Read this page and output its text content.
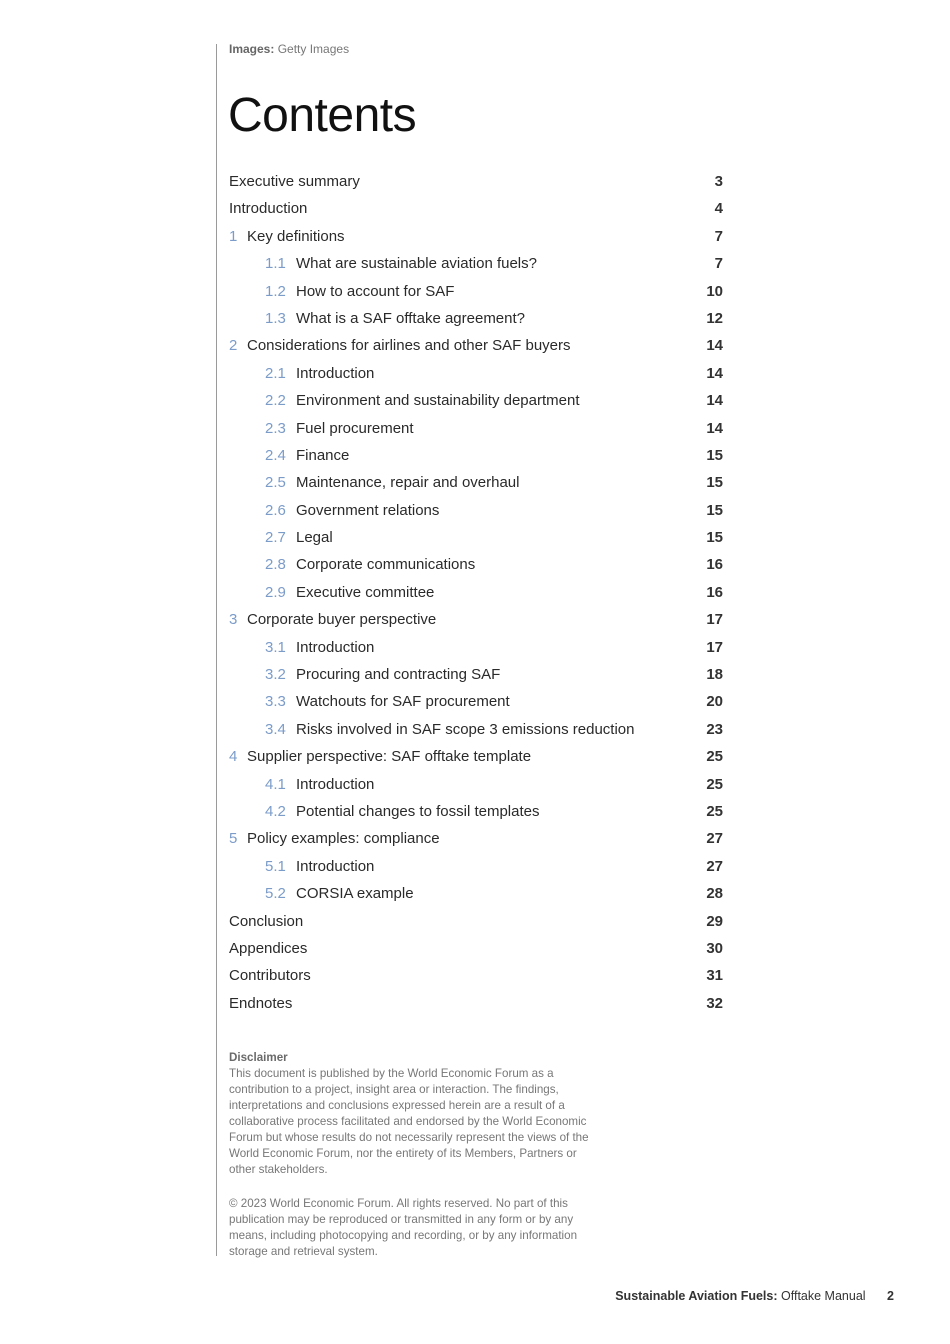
Images: Getty Images
Contents
Executive summary	3
Introduction	4
1 Key definitions	7
1.1 What are sustainable aviation fuels?	7
1.2 How to account for SAF	10
1.3 What is a SAF offtake agreement?	12
2 Considerations for airlines and other SAF buyers	14
2.1 Introduction	14
2.2 Environment and sustainability department	14
2.3 Fuel procurement	14
2.4 Finance	15
2.5 Maintenance, repair and overhaul	15
2.6 Government relations	15
2.7 Legal	15
2.8 Corporate communications	16
2.9 Executive committee	16
3 Corporate buyer perspective	17
3.1 Introduction	17
3.2 Procuring and contracting SAF	18
3.3 Watchouts for SAF procurement	20
3.4 Risks involved in SAF scope 3 emissions reduction	23
4 Supplier perspective: SAF offtake template	25
4.1 Introduction	25
4.2 Potential changes to fossil templates	25
5 Policy examples: compliance	27
5.1 Introduction	27
5.2 CORSIA example	28
Conclusion	29
Appendices	30
Contributors	31
Endnotes	32
Disclaimer

This document is published by the World Economic Forum as a contribution to a project, insight area or interaction. The findings, interpretations and conclusions expressed herein are a result of a collaborative process facilitated and endorsed by the World Economic Forum but whose results do not necessarily represent the views of the World Economic Forum, nor the entirety of its Members, Partners or other stakeholders.

© 2023 World Economic Forum. All rights reserved. No part of this publication may be reproduced or transmitted in any form or by any means, including photocopying and recording, or by any information storage and retrieval system.

Sustainable Aviation Fuels: Offtake Manual 2
